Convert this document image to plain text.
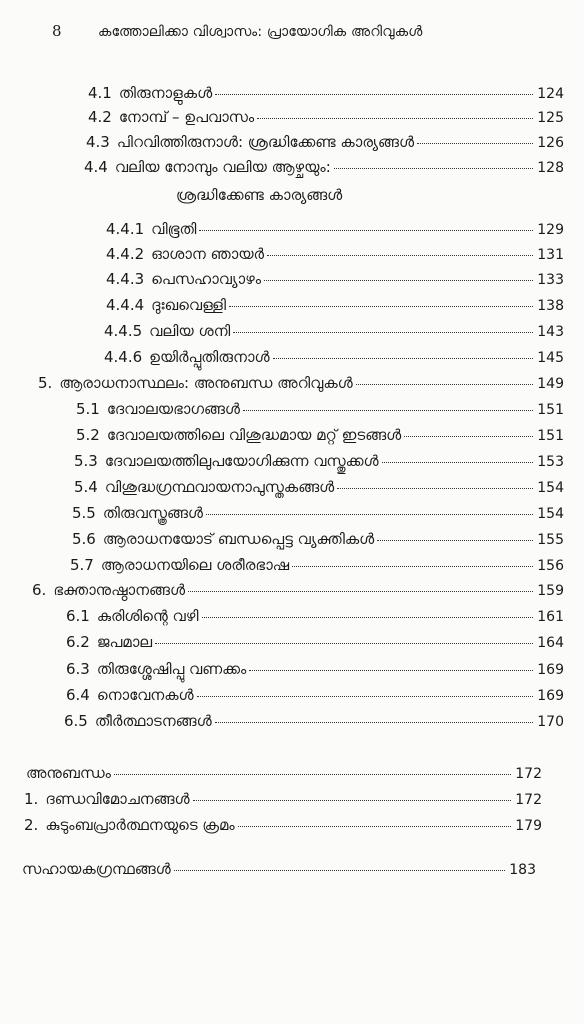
8	കത്തോലിക്കാ വിശ്വാസം: പ്രായോഗിക അറിവുകൾ
4.1 തിരുനാളുകൾ	124
4.2 നോമ്പ് – ഉപവാസം	125
4.3 പിറവിത്തിരുനാൾ: ശ്രദ്ധിക്കേണ്ട കാര്യങ്ങൾ	126
4.4 വലിയ നോമ്പും വലിയ ആഴ്ചയും:	128
ശ്രദ്ധിക്കേണ്ട കാര്യങ്ങൾ
4.4.1 വിഭൂതി	129
4.4.2 ഓശാന ഞായർ	131
4.4.3 പെസഹാവ്യാഴം	133
4.4.4 ദുഃഖവെള്ളി	138
4.4.5 വലിയ ശനി	143
4.4.6 ഉയിർപ്പുതിരുനാൾ	145
5. ആരാധനാസ്ഥലം: അനുബന്ധ അറിവുകൾ	149
5.1 ദേവാലയഭാഗങ്ങൾ	151
5.2 ദേവാലയത്തിലെ വിശുദ്ധമായ മറ്റ് ഇടങ്ങൾ	151
5.3 ദേവാലയത്തിലുപയോഗിക്കുന്ന വസ്തുക്കൾ	153
5.4 വിശുദ്ധഗ്രന്ഥവായനാപുസ്തകങ്ങൾ	154
5.5 തിരുവസ്ത്രങ്ങൾ	154
5.6 ആരാധനയോട് ബന്ധപ്പെട്ട വ്യക്തികൾ	155
5.7 ആരാധനയിലെ ശരീരഭാഷ	156
6. ഭക്താനുഷ്ഠാനങ്ങൾ	159
6.1 കുരിശിന്റെ വഴി	161
6.2 ജപമാല	164
6.3 തിരുശ്ശേഷിപ്പു വണക്കം	169
6.4 നൊവേനകൾ	169
6.5 തീർത്ഥാടനങ്ങൾ	170
അനുബന്ധം	172
1. ദണ്ഡവിമോചനങ്ങൾ	172
2. കുടുംബപ്രാർത്ഥനയുടെ ക്രമം	179
സഹായകഗ്രന്ഥങ്ങൾ	183
